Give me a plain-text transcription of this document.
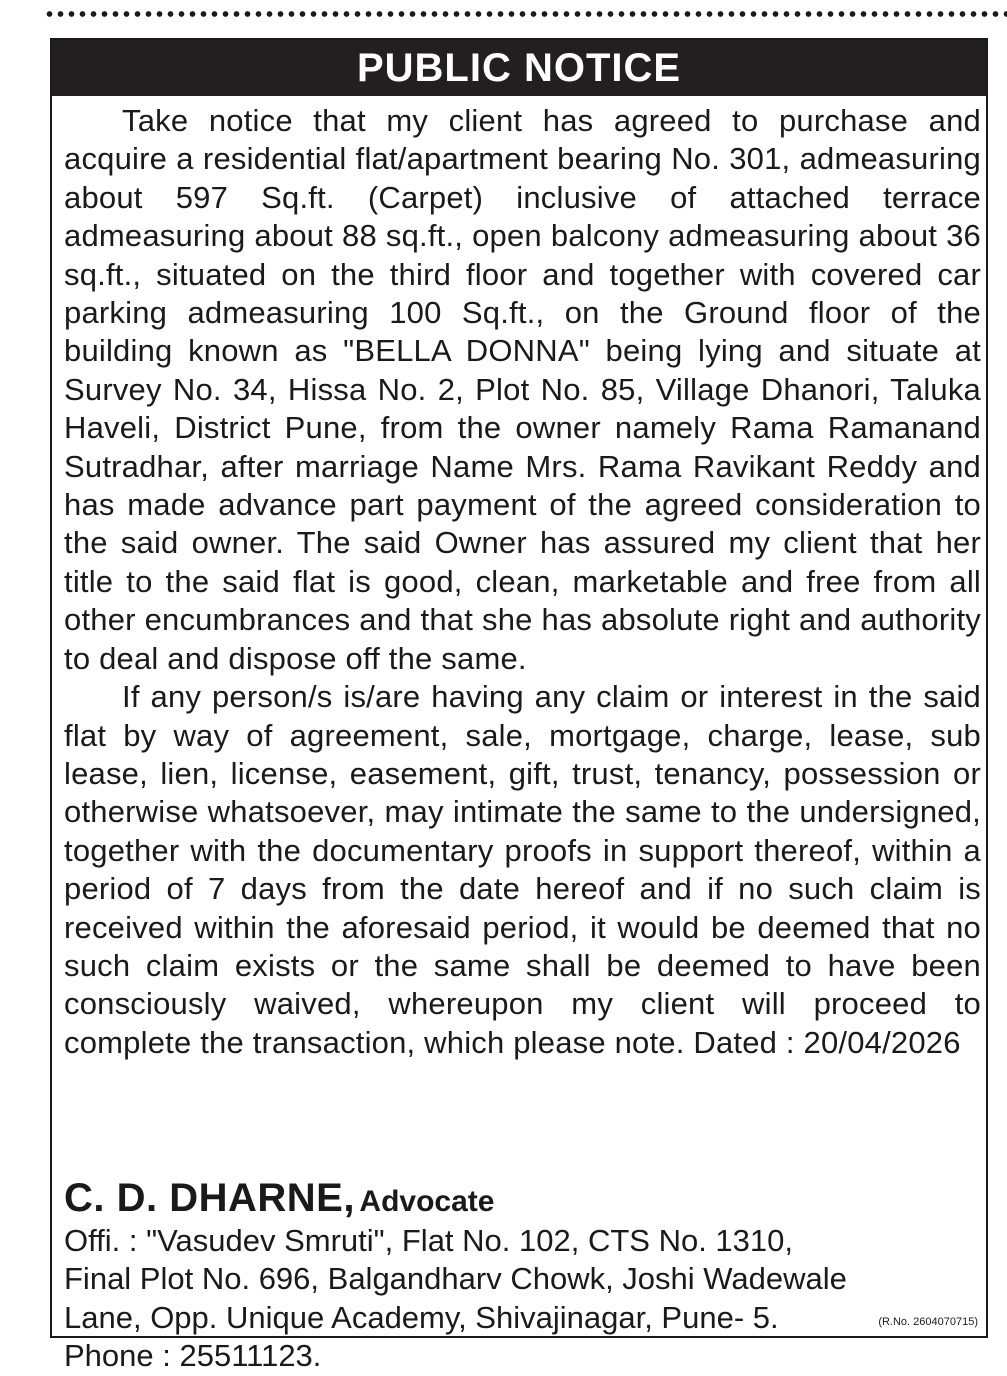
PUBLIC NOTICE

Take notice that my client has agreed to purchase and acquire a residential flat/apartment bearing No. 301, admeasuring about 597 Sq.ft. (Carpet) inclusive of attached terrace admeasuring about 88 sq.ft., open balcony admeasuring about 36 sq.ft., situated on the third floor and together with covered car parking admeasuring 100 Sq.ft., on the Ground floor of the building known as "BELLA DONNA" being lying and situate at Survey No. 34, Hissa No. 2, Plot No. 85, Village Dhanori, Taluka Haveli, District Pune, from the owner namely Rama Ramanand Sutradhar, after marriage Name Mrs. Rama Ravikant Reddy and has made advance part payment of the agreed consideration to the said owner. The said Owner has assured my client that her title to the said flat is good, clean, marketable and free from all other encumbrances and that she has absolute right and authority to deal and dispose off the same.

If any person/s is/are having any claim or interest in the said flat by way of agreement, sale, mortgage, charge, lease, sub lease, lien, license, easement, gift, trust, tenancy, possession or otherwise whatsoever, may intimate the same to the undersigned, together with the documentary proofs in support thereof, within a period of 7 days from the date hereof and if no such claim is received within the aforesaid period, it would be deemed that no such claim exists or the same shall be deemed to have been consciously waived, whereupon my client will proceed to complete the transaction, which please note. Dated : 20/04/2026

C. D. DHARNE, Advocate
Offi. : "Vasudev Smruti", Flat No. 102, CTS No. 1310,
Final Plot No. 696, Balgandharv Chowk, Joshi Wadewale
Lane, Opp. Unique Academy, Shivajinagar, Pune- 5.
Phone : 25511123.
(R.No. 2604070715)
